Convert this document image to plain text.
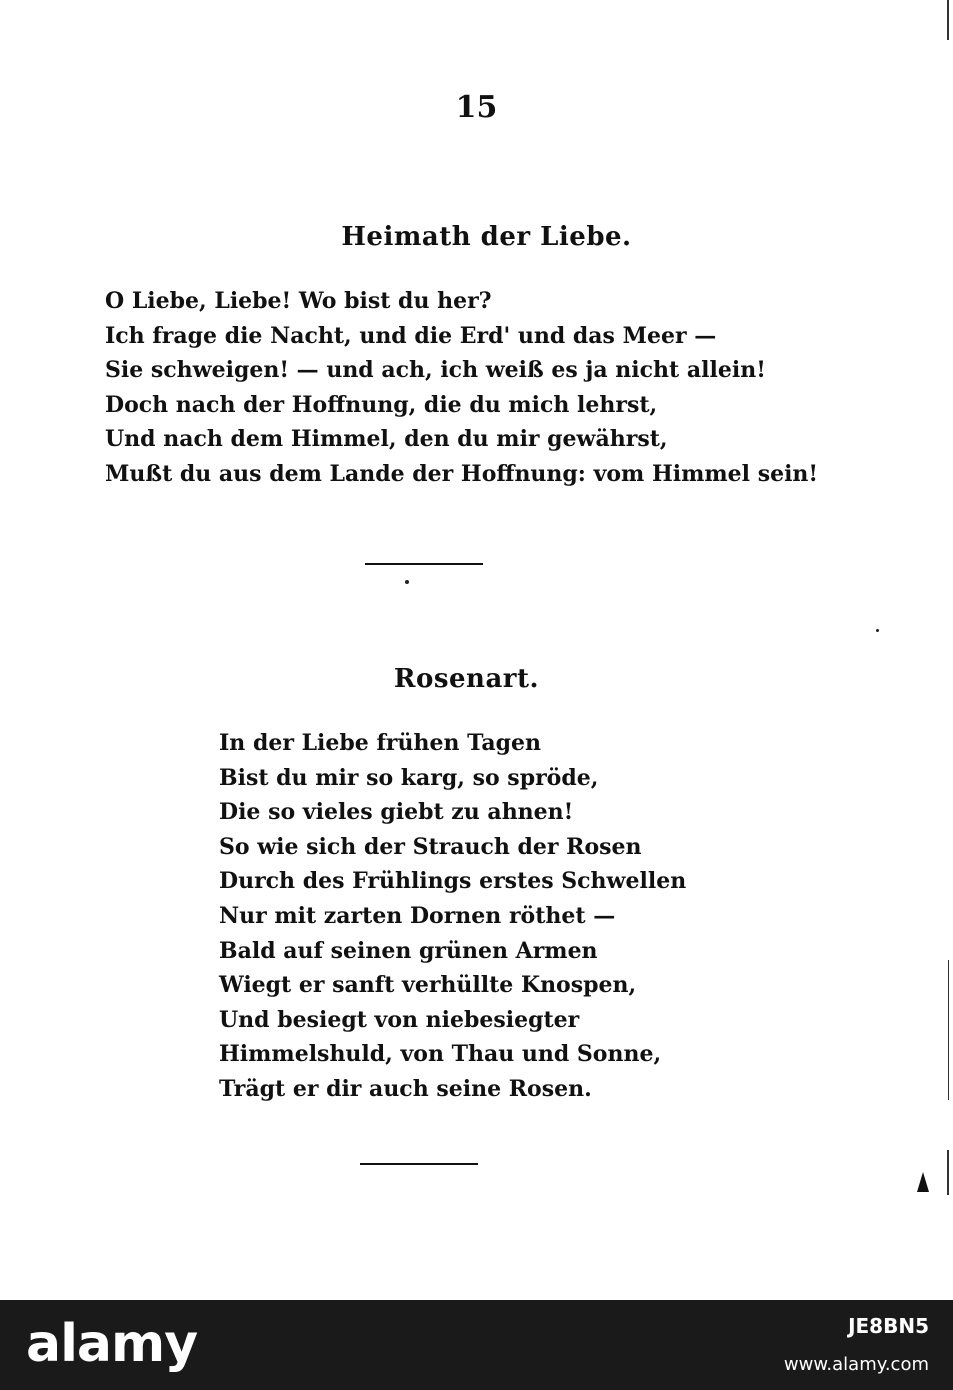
15
Heimath der Liebe.
O Liebe, Liebe! Wo bist du her?
Ich frage die Nacht, und die Erd' und das Meer —
Sie schweigen! — und ach, ich weiß es ja nicht allein!
Doch nach der Hoffnung, die du mich lehrst,
Und nach dem Himmel, den du mir gewährst,
Mußt du aus dem Lande der Hoffnung: vom Himmel sein!
Rosenart.
In der Liebe frühen Tagen
Bist du mir so karg, so spröde,
Die so vieles giebt zu ahnen!
So wie sich der Strauch der Rosen
Durch des Frühlings erstes Schwellen
Nur mit zarten Dornen röthet —
Bald auf seinen grünen Armen
Wiegt er sanft verhüllte Knospen,
Und besiegt von niebesiegter
Himmelshuld, von Thau und Sonne,
Trägt er dir auch seine Rosen.
alamy	JE8BN5
www.alamy.com
